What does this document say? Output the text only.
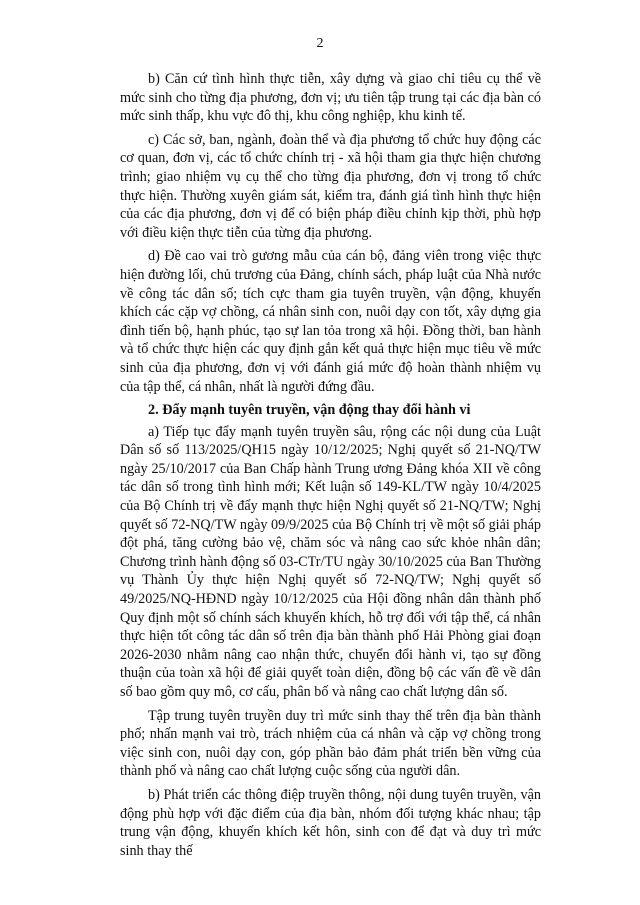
2

b) Căn cứ tình hình thực tiễn, xây dựng và giao chỉ tiêu cụ thể về mức sinh cho từng địa phương, đơn vị; ưu tiên tập trung tại các địa bàn có mức sinh thấp, khu vực đô thị, khu công nghiệp, khu kinh tế.

c) Các sở, ban, ngành, đoàn thể và địa phương tổ chức huy động các cơ quan, đơn vị, các tổ chức chính trị - xã hội tham gia thực hiện chương trình; giao nhiệm vụ cụ thể cho từng địa phương, đơn vị trong tổ chức thực hiện. Thường xuyên giám sát, kiểm tra, đánh giá tình hình thực hiện của các địa phương, đơn vị để có biện pháp điều chỉnh kịp thời, phù hợp với điều kiện thực tiễn của từng địa phương.

d) Đề cao vai trò gương mẫu của cán bộ, đảng viên trong việc thực hiện đường lối, chủ trương của Đảng, chính sách, pháp luật của Nhà nước về công tác dân số; tích cực tham gia tuyên truyền, vận động, khuyến khích các cặp vợ chồng, cá nhân sinh con, nuôi dạy con tốt, xây dựng gia đình tiến bộ, hạnh phúc, tạo sự lan tỏa trong xã hội. Đồng thời, ban hành và tổ chức thực hiện các quy định gắn kết quả thực hiện mục tiêu về mức sinh của địa phương, đơn vị với đánh giá mức độ hoàn thành nhiệm vụ của tập thể, cá nhân, nhất là người đứng đầu.

2. Đẩy mạnh tuyên truyền, vận động thay đổi hành vi

a) Tiếp tục đẩy mạnh tuyên truyền sâu, rộng các nội dung của Luật Dân số số 113/2025/QH15 ngày 10/12/2025; Nghị quyết số 21-NQ/TW ngày 25/10/2017 của Ban Chấp hành Trung ương Đảng khóa XII về công tác dân số trong tình hình mới; Kết luận số 149-KL/TW ngày 10/4/2025 của Bộ Chính trị về đẩy mạnh thực hiện Nghị quyết số 21-NQ/TW; Nghị quyết số 72-NQ/TW ngày 09/9/2025 của Bộ Chính trị về một số giải pháp đột phá, tăng cường bảo vệ, chăm sóc và nâng cao sức khỏe nhân dân; Chương trình hành động số 03-CTr/TU ngày 30/10/2025 của Ban Thường vụ Thành Ủy thực hiện Nghị quyết số 72-NQ/TW; Nghị quyết số 49/2025/NQ-HĐND ngày 10/12/2025 của Hội đồng nhân dân thành phố Quy định một số chính sách khuyến khích, hỗ trợ đối với tập thể, cá nhân thực hiện tốt công tác dân số trên địa bàn thành phố Hải Phòng giai đoạn 2026-2030 nhằm nâng cao nhận thức, chuyển đổi hành vi, tạo sự đồng thuận của toàn xã hội để giải quyết toàn diện, đồng bộ các vấn đề về dân số bao gồm quy mô, cơ cấu, phân bố và nâng cao chất lượng dân số.

Tập trung tuyên truyền duy trì mức sinh thay thế trên địa bàn thành phố; nhấn mạnh vai trò, trách nhiệm của cá nhân và cặp vợ chồng trong việc sinh con, nuôi dạy con, góp phần bảo đảm phát triển bền vững của thành phố và nâng cao chất lượng cuộc sống của người dân.

b) Phát triển các thông điệp truyền thông, nội dung tuyên truyền, vận động phù hợp với đặc điểm của địa bàn, nhóm đối tượng khác nhau; tập trung vận động, khuyến khích kết hôn, sinh con để đạt và duy trì mức sinh thay thế
